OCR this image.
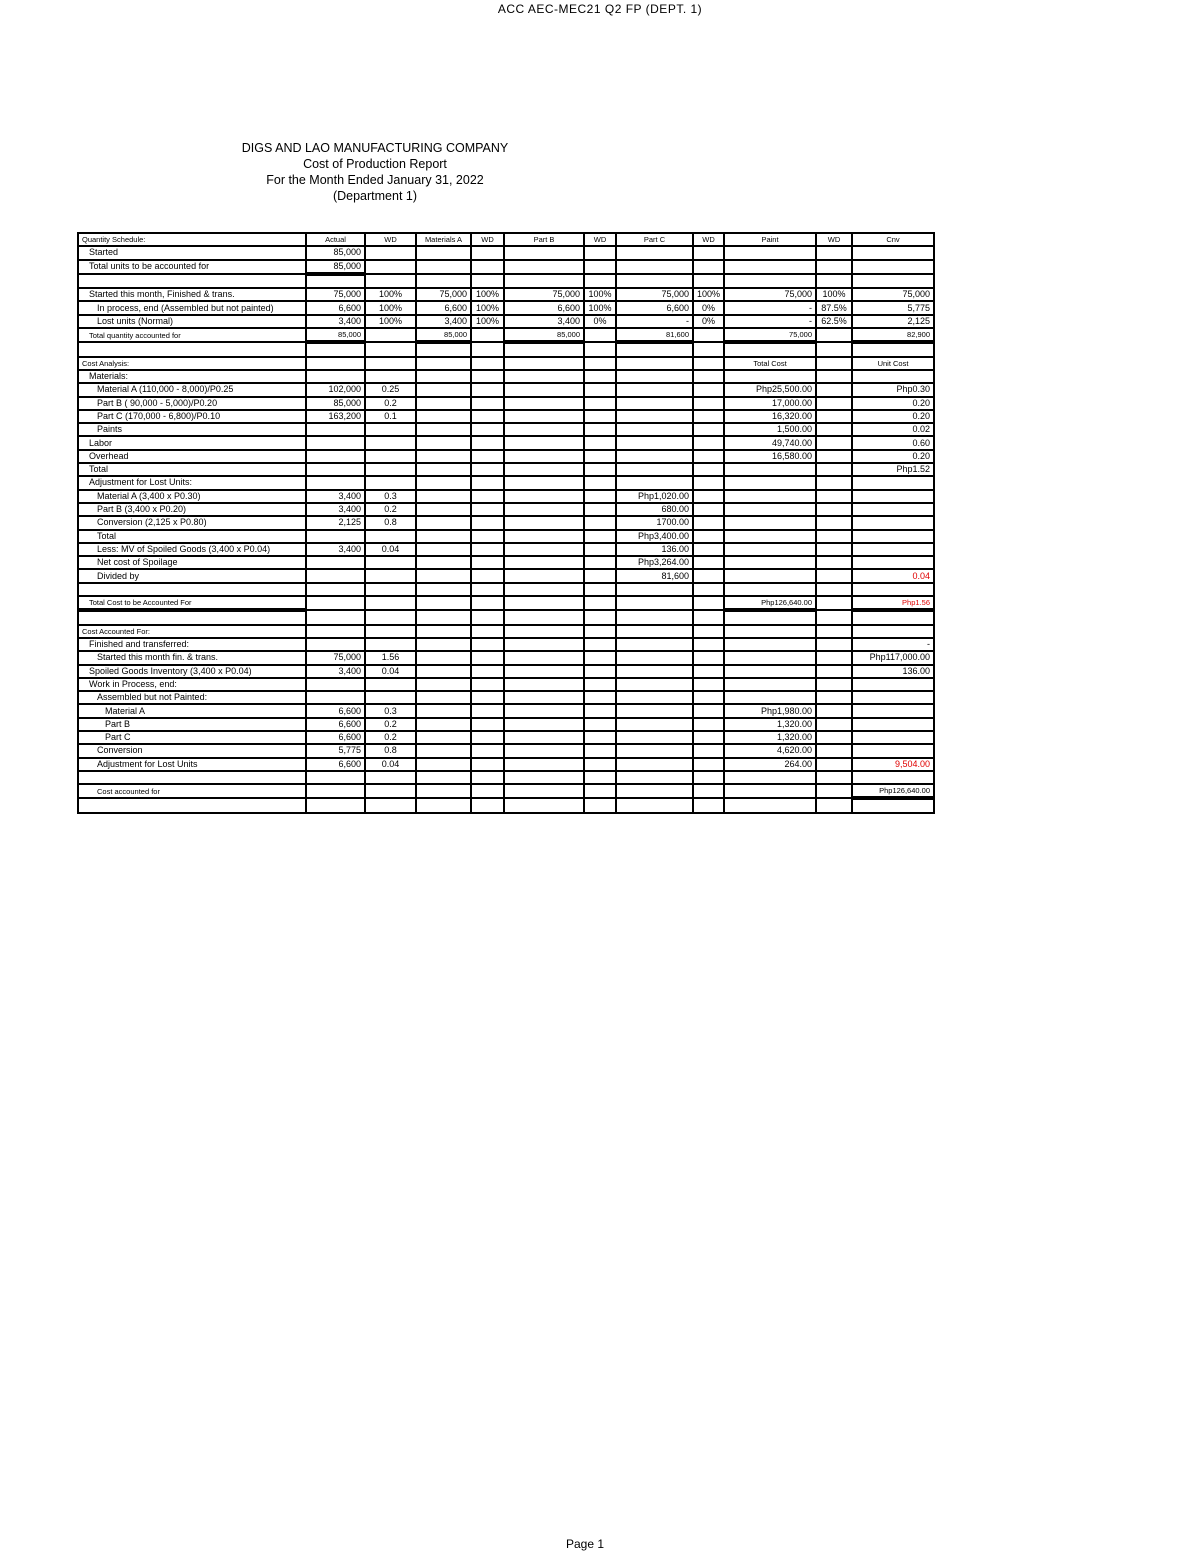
ACC AEC-MEC21 Q2 FP (DEPT. 1)
DIGS AND LAO MANUFACTURING COMPANY
Cost of Production Report
For the Month Ended January 31, 2022
(Department 1)
Quantity Schedule:	Actual	WD	Materials A	WD	Part B	WD	Part C	WD	Paint	WD	Cnv
Started	85,000										
Total units to be accounted for	85,000										

Started this month, Finished & trans.	75,000	100%	75,000	100%	75,000	100%	75,000	100%	75,000	100%	75,000
In process, end (Assembled but not painted)	6,600	100%	6,600	100%	6,600	100%	6,600	0%	-	87.5%	5,775
Lost units (Normal)	3,400	100%	3,400	100%	3,400	0%	-	0%	-	62.5%	2,125
Total quantity accounted for	85,000		85,000		85,000		81,600		75,000		82,900

Cost Analysis:									Total Cost		Unit Cost
Materials:											
Material A (110,000 - 8,000)/P0.25	102,000	0.25							Php25,500.00		Php0.30
Part B ( 90,000 - 5,000)/P0.20	85,000	0.2							17,000.00		0.20
Part C (170,000 - 6,800)/P0.10	163,200	0.1							16,320.00		0.20
Paints									1,500.00		0.02
Labor									49,740.00		0.60
Overhead									16,580.00		0.20
Total											Php1.52
Adjustment for Lost Units:											
Material A (3,400 x P0.30)	3,400	0.3					Php1,020.00				
Part B (3,400 x P0.20)	3,400	0.2					680.00				
Conversion (2,125 x P0.80)	2,125	0.8					1700.00				
Total							Php3,400.00				
Less: MV of Spoiled Goods (3,400 x P0.04)	3,400	0.04					136.00				
Net cost of Spoilage							Php3,264.00				
Divided by							81,600				0.04

Total Cost to be Accounted For									Php126,640.00		Php1.56

Cost Accounted For:											
Finished and transferred:											-
Started this month fin. & trans.	75,000	1.56									Php117,000.00
Spoiled Goods Inventory (3,400 x P0.04)	3,400	0.04									136.00
Work in Process, end:											
Assembled but not Painted:											
Material A	6,600	0.3							Php1,980.00		
Part B	6,600	0.2							1,320.00		
Part C	6,600	0.2							1,320.00		
Conversion	5,775	0.8							4,620.00		
Adjustment for Lost Units	6,600	0.04							264.00		9,504.00

Cost accounted for											Php126,640.00

Page 1
